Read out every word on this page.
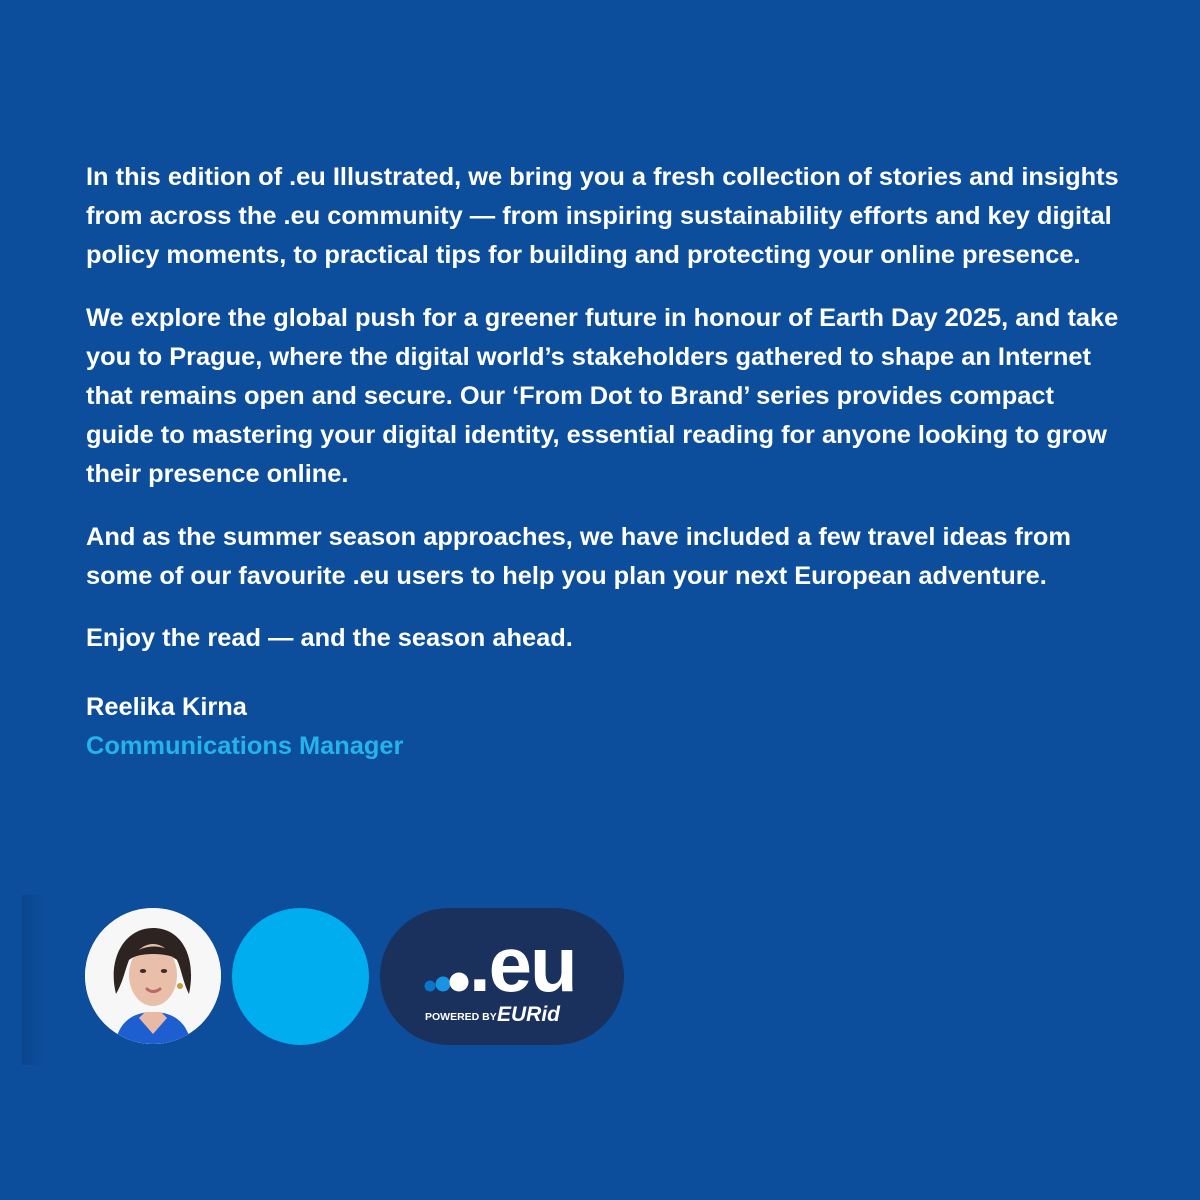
In this edition of .eu Illustrated, we bring you a fresh collection of stories and insights from across the .eu community — from inspiring sustainability efforts and key digital policy moments, to practical tips for building and protecting your online presence.

We explore the global push for a greener future in honour of Earth Day 2025, and take you to Prague, where the digital world’s stakeholders gathered to shape an Internet that remains open and secure. Our ‘From Dot to Brand’ series provides compact guide to mastering your digital identity, essential reading for anyone looking to grow their presence online.

And as the summer season approaches, we have included a few travel ideas from some of our favourite .eu users to help you plan your next European adventure.

Enjoy the read — and the season ahead.

Reelika Kirna
Communications Manager
.eu
POWERED BY EURid
